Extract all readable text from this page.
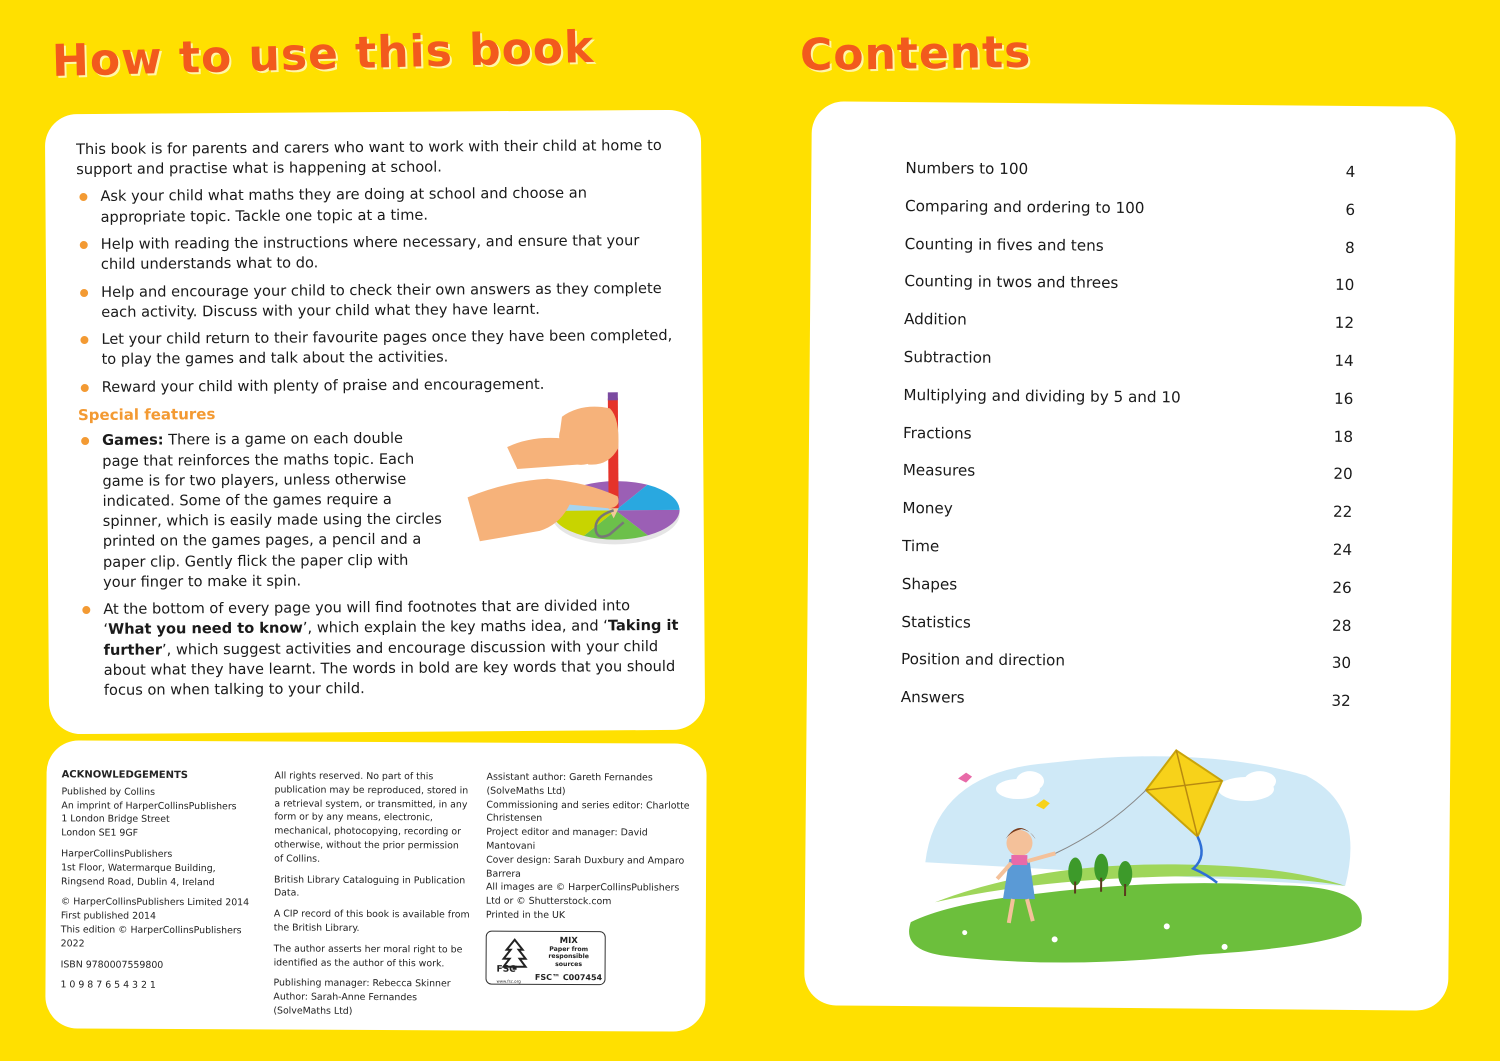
How to use this book	Contents

This book is for parents and carers who want to work with their child at home to support and practise what is happening at school.

Ask your child what maths they are doing at school and choose an appropriate topic. Tackle one topic at a time.
Help with reading the instructions where necessary, and ensure that your child understands what to do.
Help and encourage your child to check their own answers as they complete each activity. Discuss with your child what they have learnt.
Let your child return to their favourite pages once they have been completed, to play the games and talk about the activities.
Reward your child with plenty of praise and encouragement.
Special features
Games: There is a game on each double page that reinforces the maths topic. Each game is for two players, unless otherwise indicated. Some of the games require a spinner, which is easily made using the circles printed on the games pages, a pencil and a paper clip. Gently flick the paper clip with your finger to make it spin.
At the bottom of every page you will find footnotes that are divided into ‘What you need to know’, which explain the key maths idea, and ‘Taking it further’, which suggest activities and encourage discussion with your child about what they have learnt. The words in bold are key words that you should focus on when talking to your child.
ACKNOWLEDGEMENTS

Published by Collins
An imprint of HarperCollinsPublishers
1 London Bridge Street
London SE1 9GF

HarperCollinsPublishers
1st Floor, Watermarque Building,
Ringsend Road, Dublin 4, Ireland

© HarperCollinsPublishers Limited 2014
First published 2014
This edition © HarperCollinsPublishers 2022

ISBN 9780007559800

1 0 9 8 7 6 5 4 3 2 1

All rights reserved. No part of this publication may be reproduced, stored in a retrieval system, or transmitted, in any form or by any means, electronic, mechanical, photocopying, recording or otherwise, without the prior permission of Collins.

British Library Cataloguing in Publication Data.

A CIP record of this book is available from the British Library.

The author asserts her moral right to be identified as the author of this work.

Publishing manager: Rebecca Skinner
Author: Sarah-Anne Fernandes (SolveMaths Ltd)

Assistant author: Gareth Fernandes (SolveMaths Ltd)
Commissioning and series editor: Charlotte Christensen
Project editor and manager: David Mantovani
Cover design: Sarah Duxbury and Amparo Barrera
All images are © HarperCollinsPublishers Ltd or © Shutterstock.com
Printed in the UK

FSC
www.fsc.org
MIX
Paper from
responsible sources
FSC™ C007454
Numbers to 100	4
Comparing and ordering to 100	6
Counting in fives and tens	8
Counting in twos and threes	10
Addition	12
Subtraction	14
Multiplying and dividing by 5 and 10	16
Fractions	18
Measures	20
Money	22
Time	24
Shapes	26
Statistics	28
Position and direction	30
Answers	32
